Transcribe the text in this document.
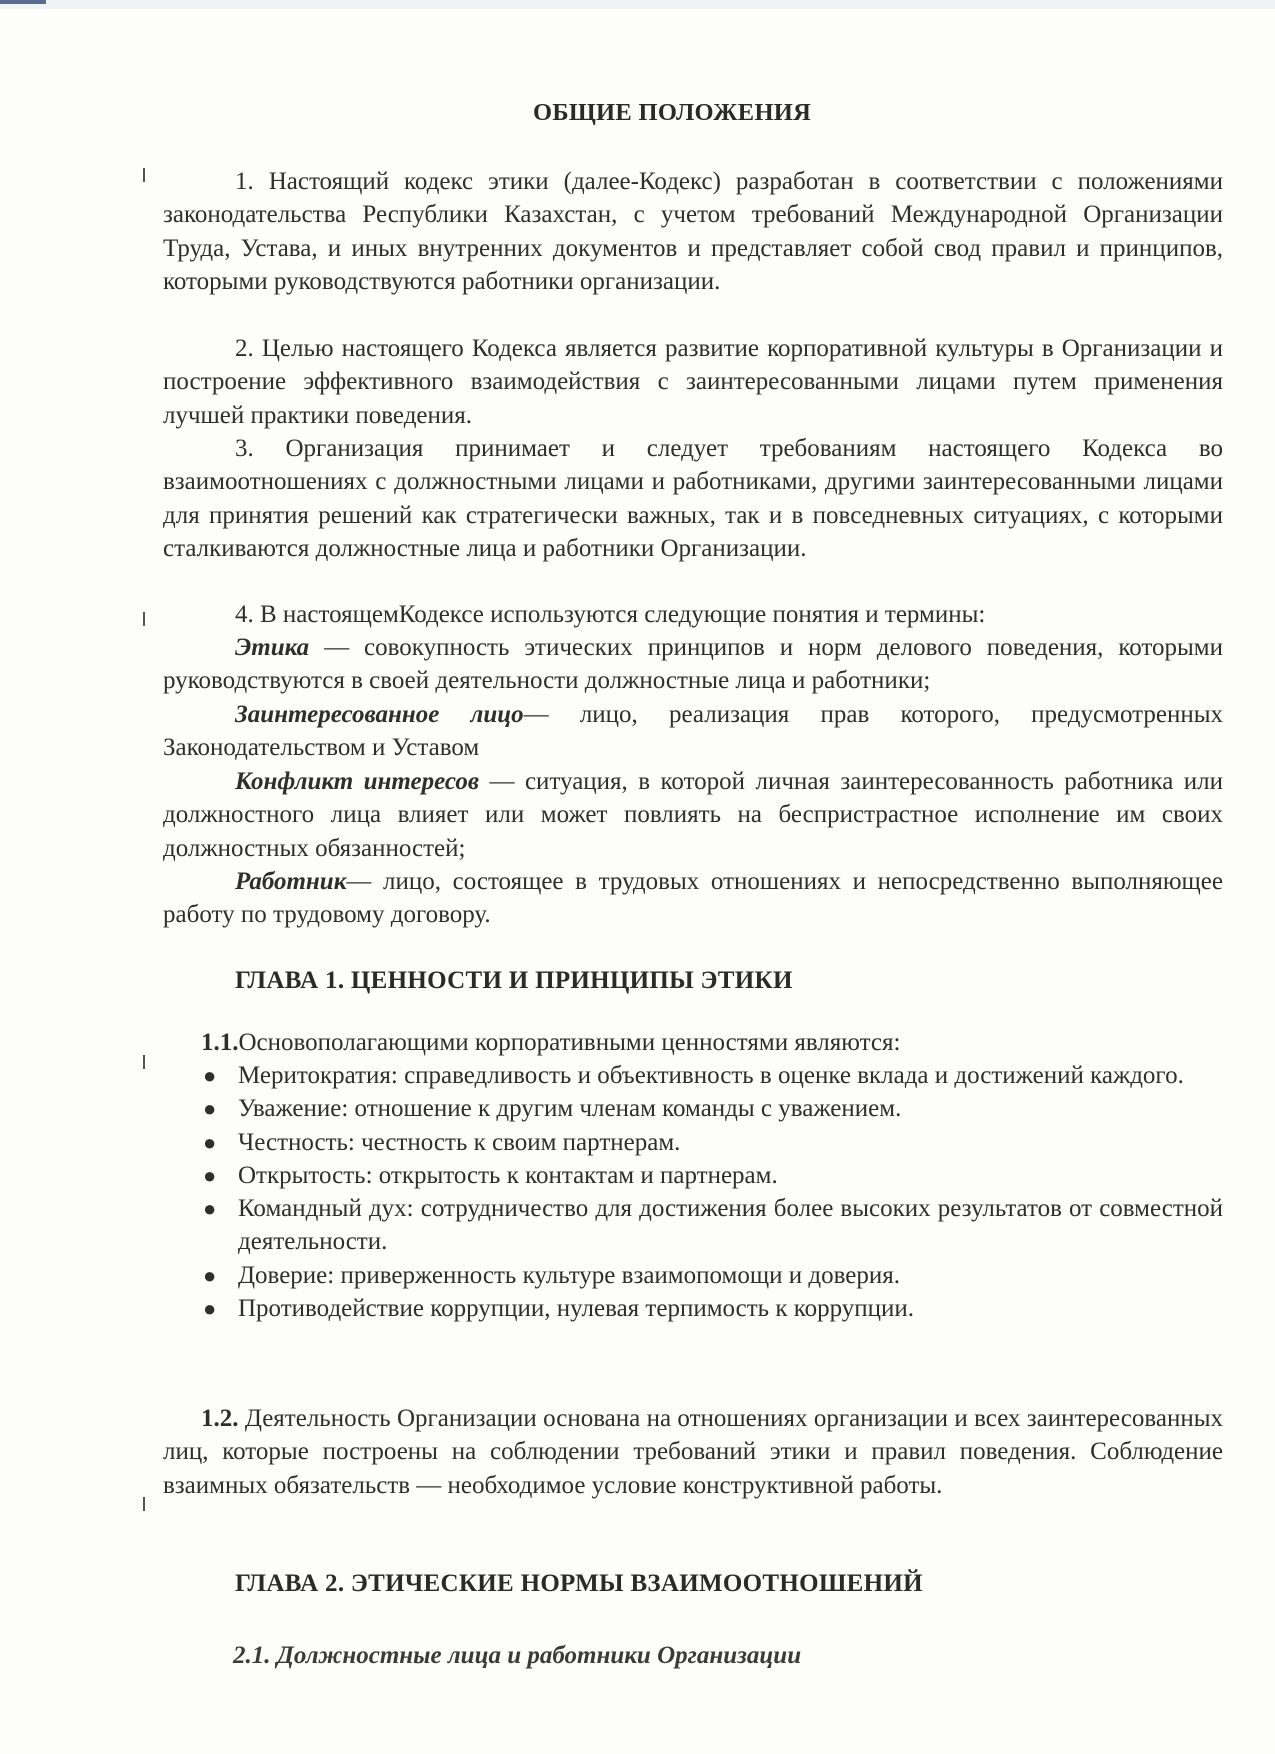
ОБЩИЕ ПОЛОЖЕНИЯ

1. Настоящий кодекс этики (далее-Кодекс) разработан в соответствии с положениями законодательства Республики Казахстан, с учетом требований Международной Организации Труда, Устава, и иных внутренних документов и представляет собой свод правил и принципов, которыми руководствуются работники организации.

2. Целью настоящего Кодекса является развитие корпоративной культуры в Организации и построение эффективного взаимодействия с заинтересованными лицами путем применения лучшей практики поведения.

3. Организация принимает и следует требованиям настоящего Кодекса во взаимоотношениях с должностными лицами и работниками, другими заинтересованными лицами для принятия решений как стратегически важных, так и в повседневных ситуациях, с которыми сталкиваются должностные лица и работники Организации.

4. В настоящемКодексе используются следующие понятия и термины:

Этика — совокупность этических принципов и норм делового поведения, которыми руководствуются в своей деятельности должностные лица и работники;

Заинтересованное лицо— лицо, реализация прав которого, предусмотренных Законодательством и Уставом

Конфликт интересов — ситуация, в которой личная заинтересованность работника или должностного лица влияет или может повлиять на беспристрастное исполнение им своих должностных обязанностей;

Работник— лицо, состоящее в трудовых отношениях и непосредственно выполняющее работу по трудовому договору.

ГЛАВА 1. ЦЕННОСТИ И ПРИНЦИПЫ ЭТИКИ

1.1.Основополагающими корпоративными ценностями являются:

● Меритократия: справедливость и объективность в оценке вклада и достижений каждого.
● Уважение: отношение к другим членам команды с уважением.
● Честность: честность к своим партнерам.
● Открытость: открытость к контактам и партнерам.
● Командный дух: сотрудничество для достижения более высоких результатов от совместной деятельности.
● Доверие: приверженность культуре взаимопомощи и доверия.
● Противодействие коррупции, нулевая терпимость к коррупции.

1.2. Деятельность Организации основана на отношениях организации и всех заинтересованных лиц, которые построены на соблюдении требований этики и правил поведения. Соблюдение взаимных обязательств — необходимое условие конструктивной работы.

ГЛАВА 2. ЭТИЧЕСКИЕ НОРМЫ ВЗАИМООТНОШЕНИЙ
2.1. Должностные лица и работники Организации
